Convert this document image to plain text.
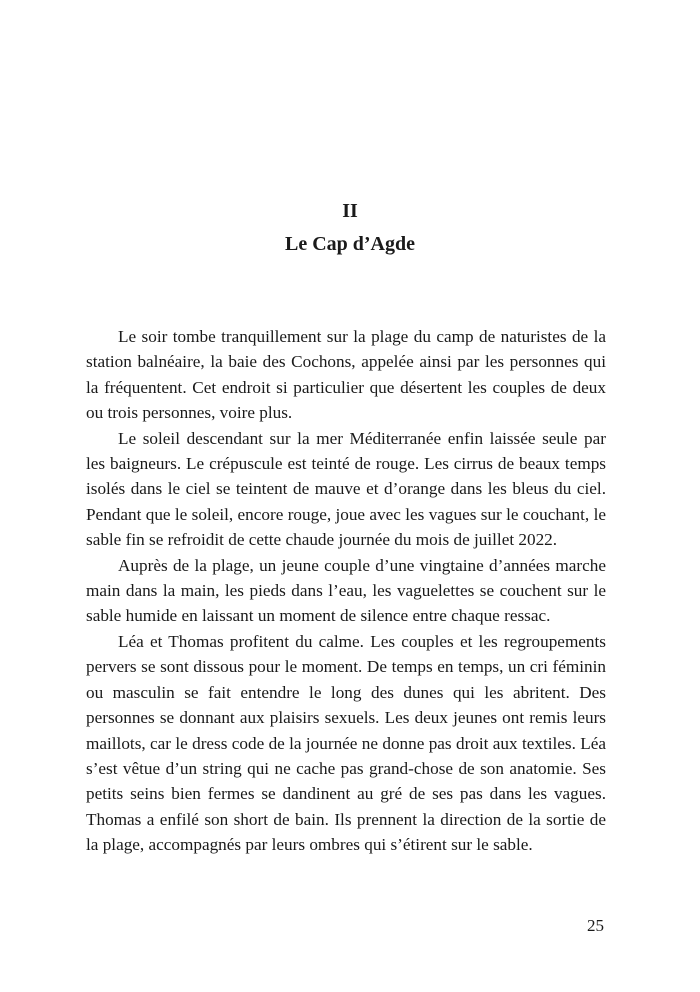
II
Le Cap d’Agde

Le soir tombe tranquillement sur la plage du camp de naturistes de la station balnéaire, la baie des Cochons, appelée ainsi par les personnes qui la fréquentent. Cet endroit si particulier que désertent les couples de deux ou trois personnes, voire plus.

Le soleil descendant sur la mer Méditerranée enfin laissée seule par les baigneurs. Le crépuscule est teinté de rouge. Les cirrus de beaux temps isolés dans le ciel se teintent de mauve et d’orange dans les bleus du ciel. Pendant que le soleil, encore rouge, joue avec les vagues sur le couchant, le sable fin se refroidit de cette chaude journée du mois de juillet 2022.

Auprès de la plage, un jeune couple d’une vingtaine d’années marche main dans la main, les pieds dans l’eau, les vaguelettes se couchent sur le sable humide en laissant un moment de silence entre chaque ressac.

Léa et Thomas profitent du calme. Les couples et les regroupements pervers se sont dissous pour le moment. De temps en temps, un cri féminin ou masculin se fait entendre le long des dunes qui les abritent. Des personnes se donnant aux plaisirs sexuels. Les deux jeunes ont remis leurs maillots, car le dress code de la journée ne donne pas droit aux textiles. Léa s’est vêtue d’un string qui ne cache pas grand-chose de son anatomie. Ses petits seins bien fermes se dandinent au gré de ses pas dans les vagues. Thomas a enfilé son short de bain. Ils prennent la direction de la sortie de la plage, accompagnés par leurs ombres qui s’étirent sur le sable.

25
